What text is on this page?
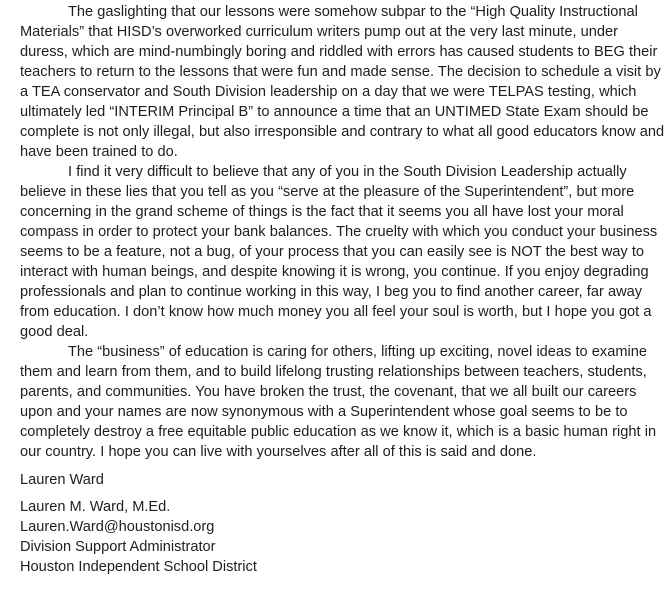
The gaslighting that our lessons were somehow subpar to the “High Quality Instructional Materials” that HISD’s overworked curriculum writers pump out at the very last minute, under duress, which are mind-numbingly boring and riddled with errors has caused students to BEG their teachers to return to the lessons that were fun and made sense. The decision to schedule a visit by a TEA conservator and South Division leadership on a day that we were TELPAS testing, which ultimately led “INTERIM Principal B” to announce a time that an UNTIMED State Exam should be complete is not only illegal, but also irresponsible and contrary to what all good educators know and have been trained to do.

I find it very difficult to believe that any of you in the South Division Leadership actually believe in these lies that you tell as you “serve at the pleasure of the Superintendent”, but more concerning in the grand scheme of things is the fact that it seems you all have lost your moral compass in order to protect your bank balances. The cruelty with which you conduct your business seems to be a feature, not a bug, of your process that you can easily see is NOT the best way to interact with human beings, and despite knowing it is wrong, you continue. If you enjoy degrading professionals and plan to continue working in this way, I beg you to find another career, far away from education. I don’t know how much money you all feel your soul is worth, but I hope you got a good deal.

The “business” of education is caring for others, lifting up exciting, novel ideas to examine them and learn from them, and to build lifelong trusting relationships between teachers, students, parents, and communities. You have broken the trust, the covenant, that we all built our careers upon and your names are now synonymous with a Superintendent whose goal seems to be to completely destroy a free equitable public education as we know it, which is a basic human right in our country. I hope you can live with yourselves after all of this is said and done.

Lauren Ward

Lauren M. Ward, M.Ed.

Lauren.Ward@houstonisd.org

Division Support Administrator

Houston Independent School District
